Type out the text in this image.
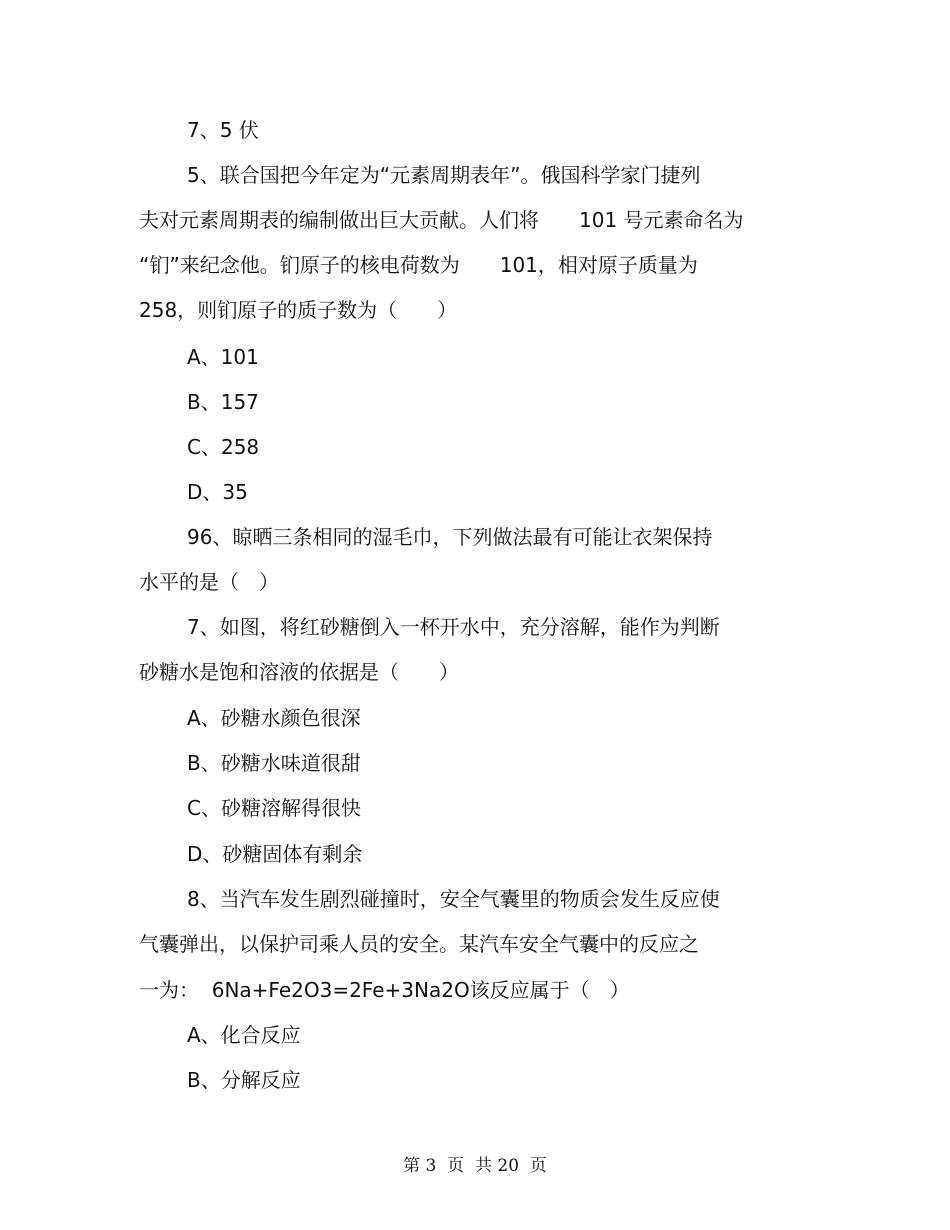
7、5 伏
5、联合国把今年定为“元素周期表年”。俄国科学家门捷列
夫对元素周期表的编制做出巨大贡献。人们将　　101 号元素命名为
“钔”来纪念他。钔原子的核电荷数为　　101，相对原子质量为
258，则钔原子的质子数为（　　）
A、101
B、157
C、258
D、35
96、晾晒三条相同的湿毛巾，下列做法最有可能让衣架保持
水平的是（　）
7、如图，将红砂糖倒入一杯开水中，充分溶解，能作为判断
砂糖水是饱和溶液的依据是（　　）
A、砂糖水颜色很深
B、砂糖水味道很甜
C、砂糖溶解得很快
D、砂糖固体有剩余
8、当汽车发生剧烈碰撞时，安全气囊里的物质会发生反应使
气囊弹出，以保护司乘人员的安全。某汽车安全气囊中的反应之
一为：  6Na+Fe2O3=2Fe+3Na2O该反应属于（　）
A、化合反应
B、分解反应
第 3  页  共 20  页
